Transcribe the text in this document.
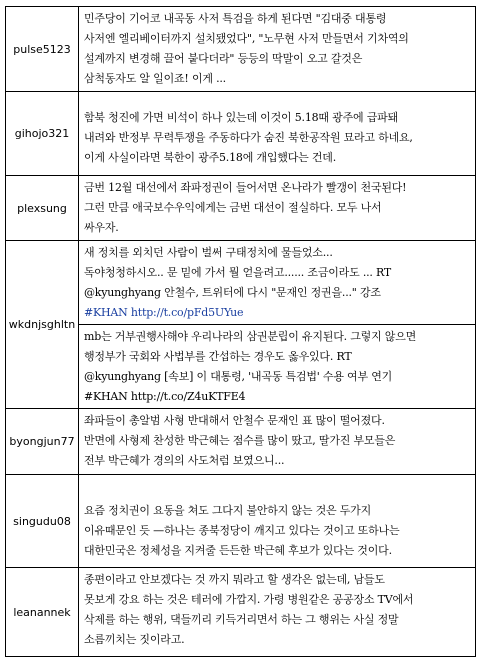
pulse5123	민주당이 기어코 내곡동 사저 특검을 하게 된다면 "김대중 대통령
사저엔 엘리베이터까지 설치됐었다", "노무현 사저 만들면서 기차역의
설계까지 변경해 끌어 붙다더라" 등등의 딱말이 오고 갈것은
삼척동자도 알 일이죠! 이게 ...

gihojo321	함북 청진에 가면 비석이 하나 있는데 이것이 5.18때 광주에 급파돼
내려와 반정부 무력투쟁을 주동하다가 숨진 북한공작원 묘라고 하네요,
이게 사실이라면 북한이 광주5.18에 개입했다는 건데.

plexsung	금번 12월 대선에서 좌파정권이 들어서면 온나라가 빨갱이 천국된다!
그런 만큼 애국보수우익에게는 금번 대선이 절실하다. 모두 나서
싸우자.

wkdnjsghltn	새 정치를 외치던 사람이 벌써 구태정치에 물들었소...
독야청청하시오.. 문 밑에 가서 뭘 얻을려고...... 조금이라도 ... RT
@kyunghyang 안철수, 트위터에 다시 "문재인 정권을..." 강조
#KHAN http://t.co/pFd5UYue

	mb는 거부권행사해야 우리나라의 삼권분립이 유지된다. 그렇지 않으면
행정부가 국회와 사법부를 간섭하는 경우도 옳우있다. RT
@kyunghyang [속보] 이 대통령, '내곡동 특검법' 수용 여부 연기
#KHAN http://t.co/Z4uKTFE4

byongjun77	좌파들이 총알범 사형 반대해서 안철수 문재인 표 많이 떨어졌다.
반면에 사형제 찬성한 박근혜는 점수를 많이 땄고, 딸가진 부모들은
전부 박근혜가 경의의 사도처럼 보였으니...

singudu08	요즘 정치권이 요동을 쳐도 그다지 불안하지 않는 것은 두가지
이유때문인 듯 —하나는 종북정당이 깨지고 있다는 것이고 또하나는
대한민국은 정체성을 지켜줄 든든한 박근혜 후보가 있다는 것이다.

leanannek	종편이라고 안보겠다는 것 까지 뭐라고 할 생각은 없는데, 남들도
못보게 강요 하는 것은 테러에 가깝지. 가령 병원같은 공공장소 TV에서
삭제를 하는 행위, 댁들끼리 키득거리면서 하는 그 행위는 사실 정말
소름끼치는 짓이라고.
